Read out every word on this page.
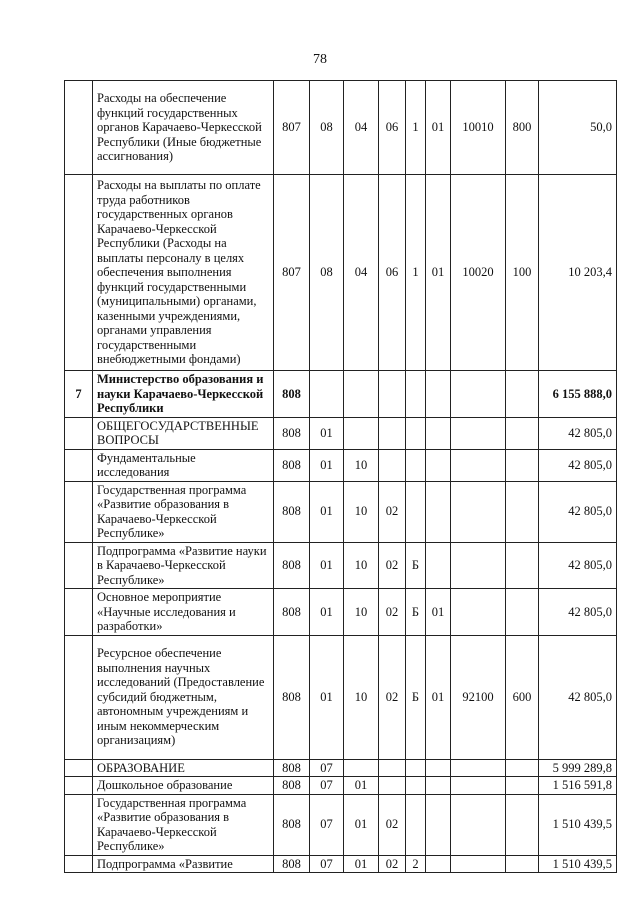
78
	Расходы на обеспечение функций государственных органов Карачаево-Черкесской Республики (Иные бюджетные ассигнования)	807	08	04	06	1	01	10010	800	50,0
	Расходы на выплаты по оплате труда работников государственных органов Карачаево-Черкесской Республики (Расходы на выплаты персоналу в целях обеспечения выполнения функций государственными (муниципальными) органами, казенными учреждениями, органами управления государственными внебюджетными фондами)	807	08	04	06	1	01	10020	100	10 203,4
7	Министерство образования и науки Карачаево-Черкесской Республики	808								6 155 888,0
	ОБЩЕГОСУДАРСТВЕННЫЕ ВОПРОСЫ	808	01							42 805,0
	Фундаментальные исследования	808	01	10						42 805,0
	Государственная программа «Развитие образования в Карачаево-Черкесской Республике»	808	01	10	02					42 805,0
	Подпрограмма «Развитие науки в Карачаево-Черкесской Республике»	808	01	10	02	Б				42 805,0
	Основное мероприятие «Научные исследования и разработки»	808	01	10	02	Б	01			42 805,0
	Ресурсное обеспечение выполнения научных исследований (Предоставление субсидий бюджетным, автономным учреждениям и иным некоммерческим организациям)	808	01	10	02	Б	01	92100	600	42 805,0
	ОБРАЗОВАНИЕ	808	07							5 999 289,8
	Дошкольное образование	808	07	01						1 516 591,8
	Государственная программа «Развитие образования в Карачаево-Черкесской Республике»	808	07	01	02					1 510 439,5
	Подпрограмма «Развитие	808	07	01	02	2				1 510 439,5
